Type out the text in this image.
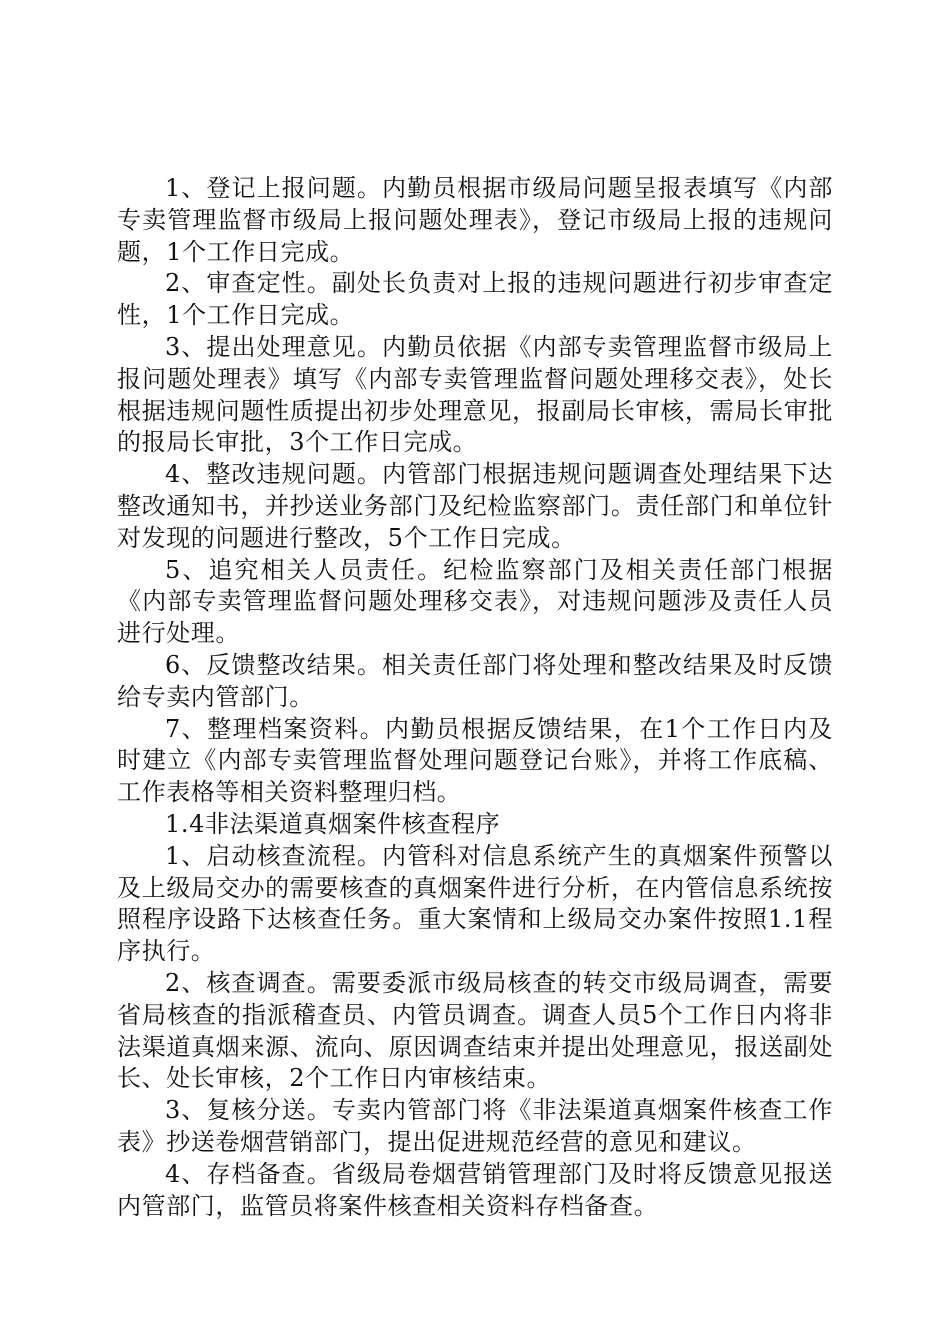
1、登记上报问题。内勤员根据市级局问题呈报表填写《内部专卖管理监督市级局上报问题处理表》，登记市级局上报的违规问题，1个工作日完成。

2、审查定性。副处长负责对上报的违规问题进行初步审查定性，1个工作日完成。

3、提出处理意见。内勤员依据《内部专卖管理监督市级局上报问题处理表》填写《内部专卖管理监督问题处理移交表》，处长根据违规问题性质提出初步处理意见，报副局长审核，需局长审批的报局长审批，3个工作日完成。

4、整改违规问题。内管部门根据违规问题调查处理结果下达整改通知书，并抄送业务部门及纪检监察部门。责任部门和单位针对发现的问题进行整改，5个工作日完成。

5、追究相关人员责任。纪检监察部门及相关责任部门根据《内部专卖管理监督问题处理移交表》，对违规问题涉及责任人员进行处理。

6、反馈整改结果。相关责任部门将处理和整改结果及时反馈给专卖内管部门。

7、整理档案资料。内勤员根据反馈结果，在1个工作日内及时建立《内部专卖管理监督处理问题登记台账》，并将工作底稿、工作表格等相关资料整理归档。

1.4非法渠道真烟案件核查程序

1、启动核查流程。内管科对信息系统产生的真烟案件预警以及上级局交办的需要核查的真烟案件进行分析，在内管信息系统按照程序设路下达核查任务。重大案情和上级局交办案件按照1.1程序执行。

2、核查调查。需要委派市级局核查的转交市级局调查，需要省局核查的指派稽查员、内管员调查。调查人员5个工作日内将非法渠道真烟来源、流向、原因调查结束并提出处理意见，报送副处长、处长审核，2个工作日内审核结束。

3、复核分送。专卖内管部门将《非法渠道真烟案件核查工作表》抄送卷烟营销部门，提出促进规范经营的意见和建议。

4、存档备查。省级局卷烟营销管理部门及时将反馈意见报送内管部门，监管员将案件核查相关资料存档备查。
